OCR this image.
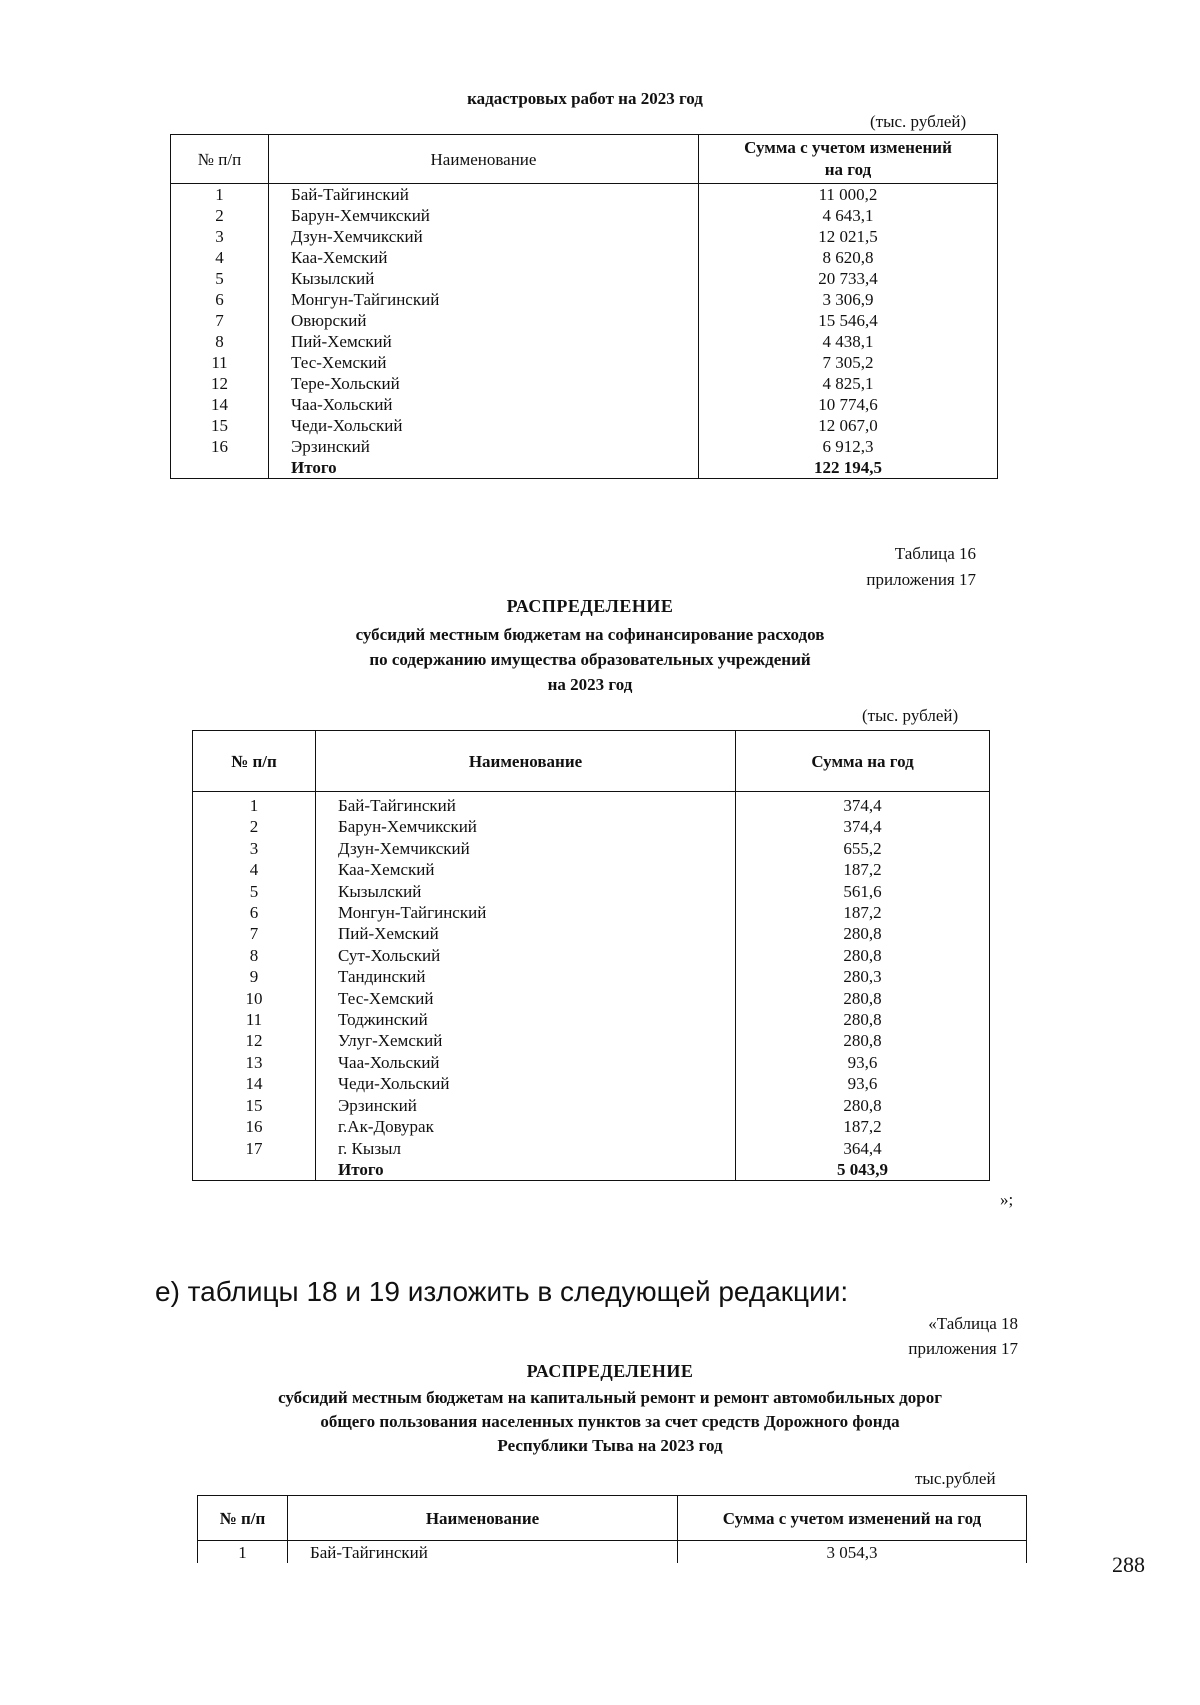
кадастровых работ на 2023 год
(тыс. рублей)
№ п/п	Наименование	Сумма с учетом изменений
на год

1	Бай-Тайгинский	11 000,2
2	Барун-Хемчикский	4 643,1
3	Дзун-Хемчикский	12 021,5
4	Каа-Хемский	8 620,8
5	Кызылский	20 733,4
6	Монгун-Тайгинский	3 306,9
7	Овюрский	15 546,4
8	Пий-Хемский	4 438,1
11	Тес-Хемский	7 305,2
12	Тере-Хольский	4 825,1
14	Чаа-Хольский	10 774,6
15	Чеди-Хольский	12 067,0
16	Эрзинский	6 912,3
	Итого	122 194,5
Таблица 16
приложения 17
РАСПРЕДЕЛЕНИЕ
субсидий местным бюджетам на софинансирование расходов
по содержанию имущества образовательных учреждений
на 2023 год
(тыс. рублей)
№ п/п	Наименование	Сумма на год
1	Бай-Тайгинский	374,4
2	Барун-Хемчикский	374,4
3	Дзун-Хемчикский	655,2
4	Каа-Хемский	187,2
5	Кызылский	561,6
6	Монгун-Тайгинский	187,2
7	Пий-Хемский	280,8
8	Сут-Хольский	280,8
9	Тандинский	280,3
10	Тес-Хемский	280,8
11	Тоджинский	280,8
12	Улуг-Хемский	280,8
13	Чаа-Хольский	93,6
14	Чеди-Хольский	93,6
15	Эрзинский	280,8
16	г.Ак-Довурак	187,2
17	г. Кызыл	364,4
	Итого	5 043,9
»;
е) таблицы 18 и 19 изложить в следующей редакции:
«Таблица 18
приложения 17
РАСПРЕДЕЛЕНИЕ
субсидий местным бюджетам на капитальный ремонт и ремонт автомобильных дорог
общего пользования населенных пунктов за счет средств Дорожного фонда
Республики Тыва на 2023 год
тыс.рублей
№ п/п	Наименование	Сумма с учетом изменений на год
1	Бай-Тайгинский	3 054,3	288
